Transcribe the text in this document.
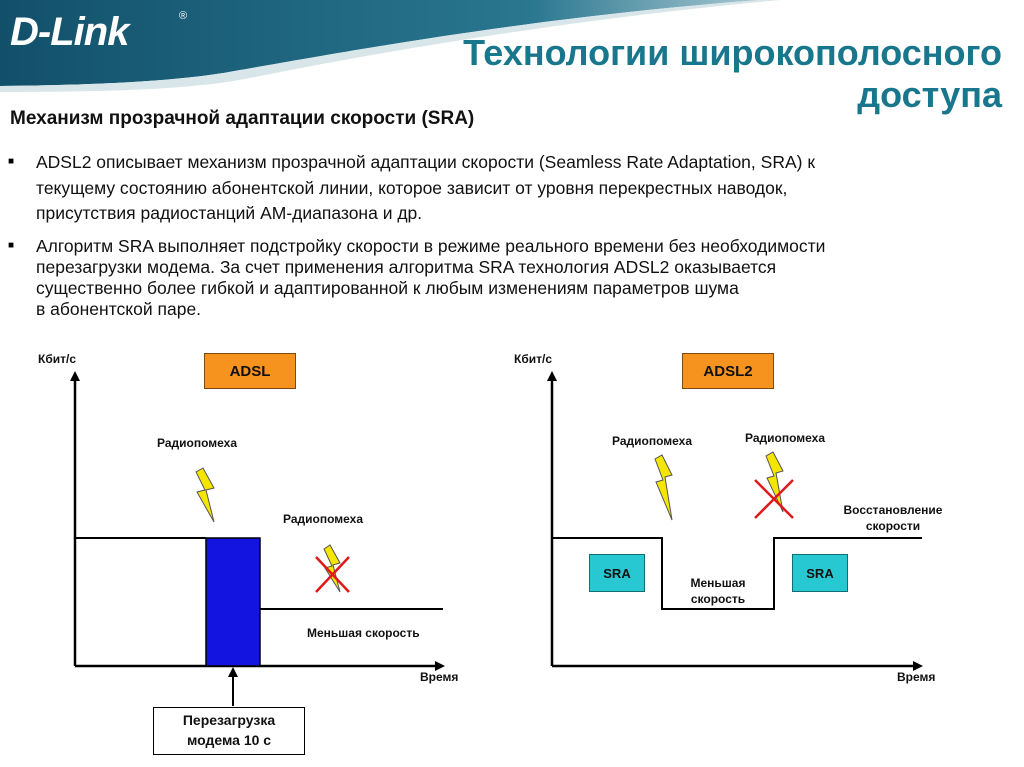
D-Link	®
Технологии широкополосного
доступа
Механизм прозрачной адаптации скорости (SRA)
■ ADSL2 описывает механизм прозрачной адаптации скорости (Seamless Rate Adaptation, SRA) к
текущему состоянию абонентской линии, которое зависит от уровня перекрестных наводок,
присутствия радиостанций АМ-диапазона и др.
■ Алгоритм SRA выполняет подстройку скорости в режиме реального времени без необходимости
перезагрузки модема. За счет применения алгоритма SRA технология ADSL2 оказывается
существенно более гибкой и адаптированной к любым изменениям параметров шума
в абонентской паре.
Кбит/с
Время
ADSL
Радиопомеха
Радиопомеха
Меньшая скорость
Перезагрузка
модема 10 с
Кбит/с
Время
ADSL2
Радиопомеха	Радиопомеха
Восстановление
скорости
Меньшая
скорость
SRA	SRA
